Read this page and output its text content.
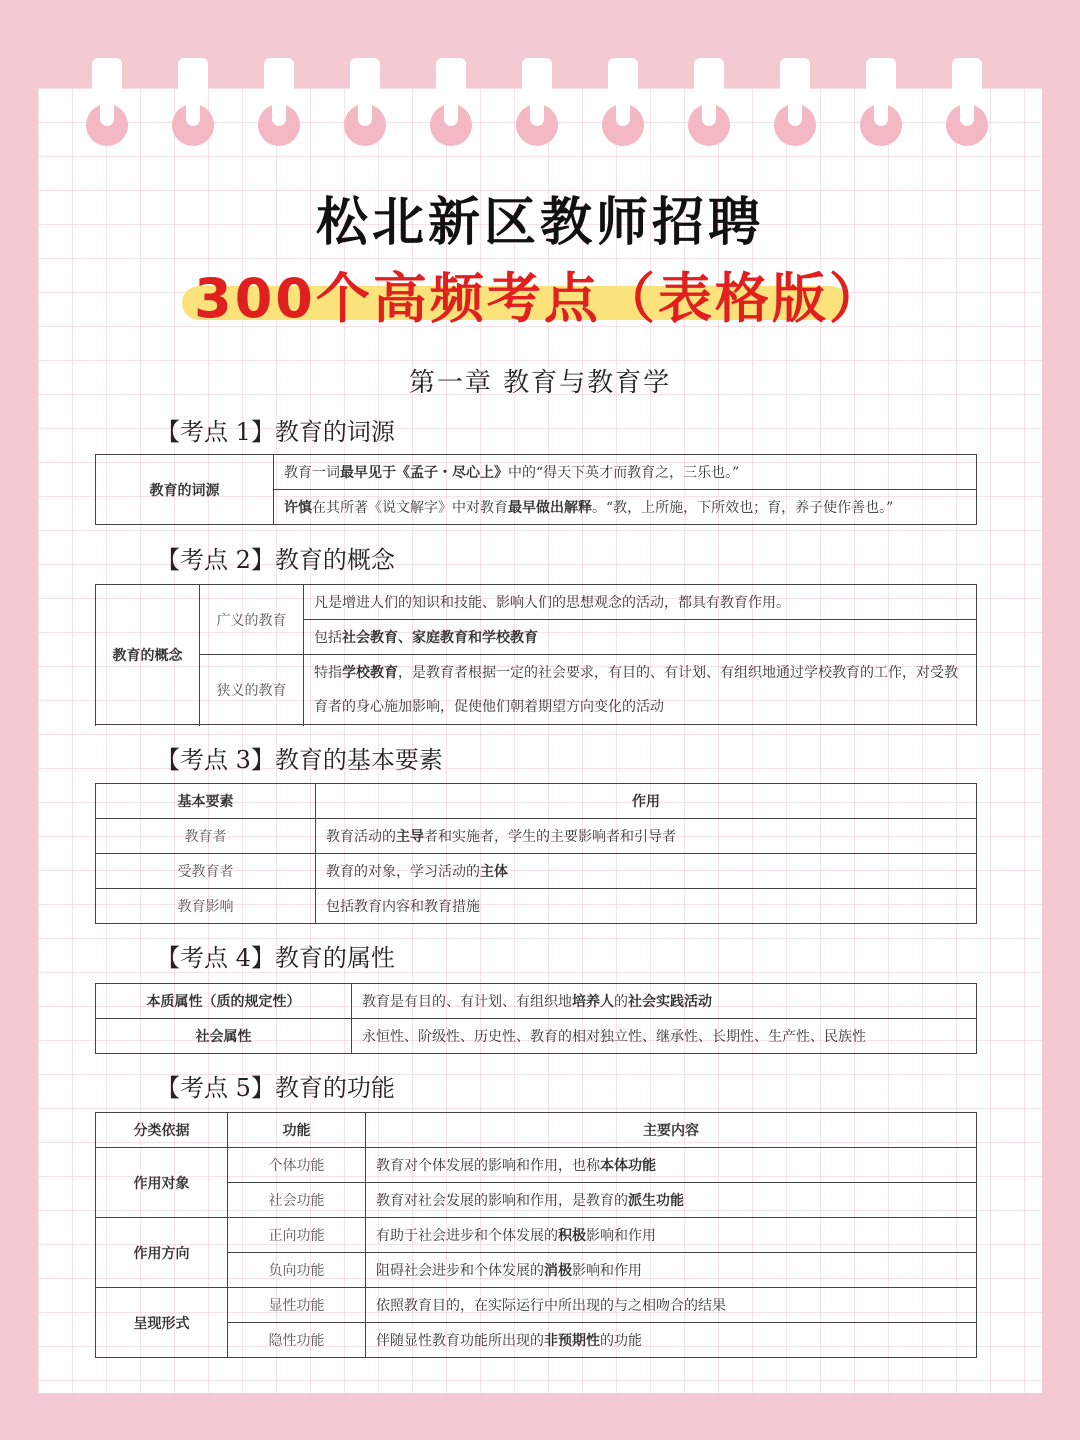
松北新区教师招聘
300个高频考点（表格版）
第一章 教育与教育学
【考点 1】教育的词源
教育的词源	教育一词最早见于《孟子・尽心上》中的“得天下英才而教育之，三乐也。”
许慎在其所著《说文解字》中对教育最早做出解释。“教，上所施，下所效也；育，养子使作善也。”
【考点 2】教育的概念
教育的概念	广义的教育	凡是增进人们的知识和技能、影响人们的思想观念的活动，都具有教育作用。
		包括社会教育、家庭教育和学校教育
	狭义的教育	特指学校教育，是教育者根据一定的社会要求，有目的、有计划、有组织地通过学校教育的工作，对受教育者的身心施加影响，促使他们朝着期望方向变化的活动

【考点 3】教育的基本要素
基本要素	作用
教育者	教育活动的主导者和实施者，学生的主要影响者和引导者
受教育者	教育的对象，学习活动的主体
教育影响	包括教育内容和教育措施
【考点 4】教育的属性
本质属性（质的规定性）	教育是有目的、有计划、有组织地培养人的社会实践活动
社会属性	永恒性、阶级性、历史性、教育的相对独立性、继承性、长期性、生产性、民族性
【考点 5】教育的功能
分类依据	功能	主要内容
作用对象	个体功能	教育对个体发展的影响和作用，也称本体功能
	社会功能	教育对社会发展的影响和作用，是教育的派生功能
作用方向	正向功能	有助于社会进步和个体发展的积极影响和作用
	负向功能	阻碍社会进步和个体发展的消极影响和作用
呈现形式	显性功能	依照教育目的，在实际运行中所出现的与之相吻合的结果
	隐性功能	伴随显性教育功能所出现的非预期性的功能
